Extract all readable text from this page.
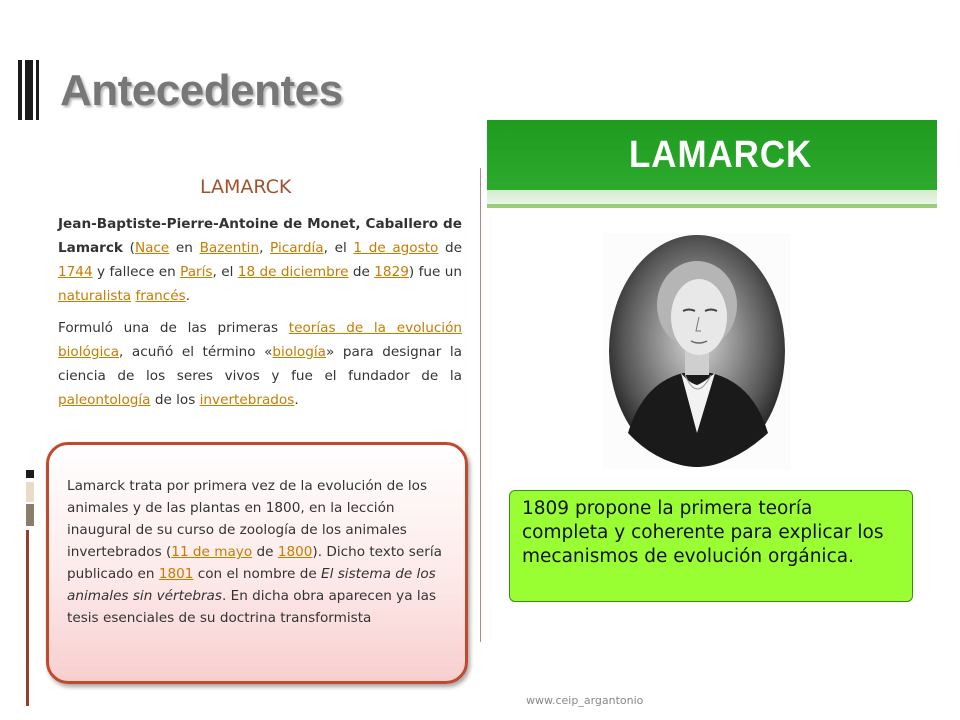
Antecedentes
LAMARCK
Jean-Baptiste-Pierre-Antoine de Monet, Caballero de Lamarck (Nace en Bazentin, Picardía, el 1 de agosto de 1744 y fallece en París, el 18 de diciembre de 1829) fue un naturalista francés.
Formuló una de las primeras teorías de la evolución biológica, acuñó el término «biología» para designar la ciencia de los seres vivos y fue el fundador de la paleontología de los invertebrados.
LAMARCK
1809 propone la primera teoría completa y coherente para explicar los mecanismos de evolución orgánica.
Lamarck trata por primera vez de la evolución de los animales y de las plantas en 1800, en la lección inaugural de su curso de zoología de los animales invertebrados (11 de mayo de 1800). Dicho texto sería publicado en 1801 con el nombre de El sistema de los animales sin vértebras. En dicha obra aparecen ya las tesis esenciales de su doctrina transformista
www.ceip_argantonio
